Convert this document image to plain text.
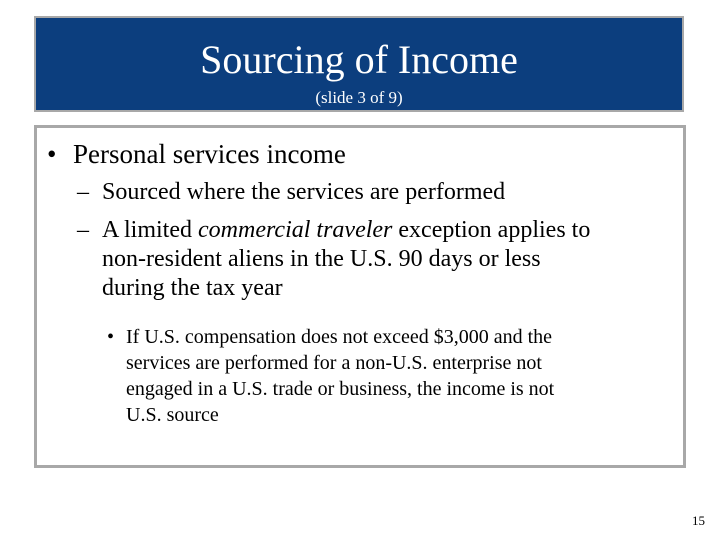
Sourcing of Income
(slide 3 of 9)
• Personal services income
– Sourced where the services are performed
– A limited commercial traveler exception applies to
non-resident aliens in the U.S. 90 days or less
during the tax year
• If U.S. compensation does not exceed $3,000 and the
services are performed for a non-U.S. enterprise not
engaged in a U.S. trade or business, the income is not
U.S. source
15
